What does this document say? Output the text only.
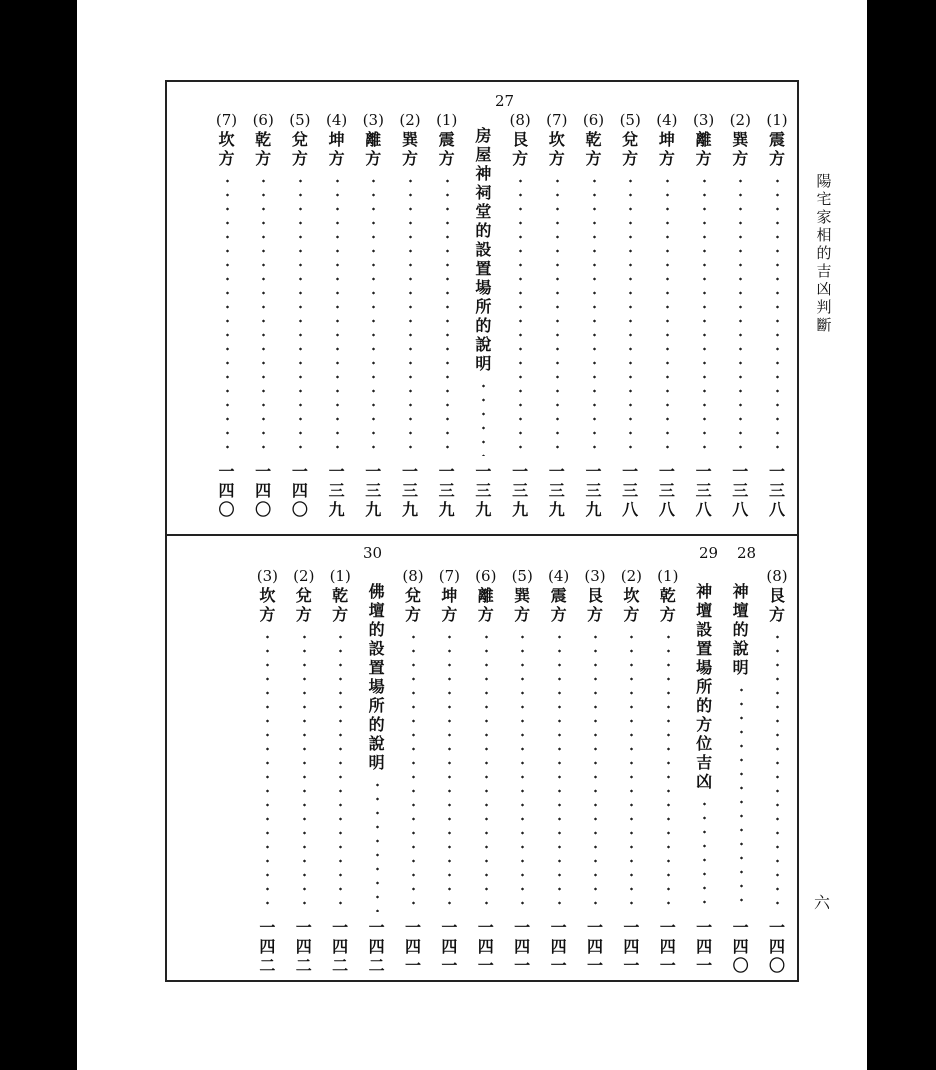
27
28
29
30
(1)
震
方
一
三
八
(2)
巽
方
一
三
八
(3)
離
方
一
三
八
(4)
坤
方
一
三
八
(5)
兌
方
一
三
八
(6)
乾
方
一
三
九
(7)
坎
方
一
三
九
(8)
艮
方
一
三
九
房
屋
神
祠
堂
的
設
置
場
所
的
說
明
一
三
九
(1)
震
方
一
三
九
(2)
巽
方
一
三
九
(3)
離
方
一
三
九
(4)
坤
方
一
三
九
(5)
兌
方
一
四
〇
(6)
乾
方
一
四
〇
(7)
坎
方
一
四
〇
(8)
艮
方
一
四
〇
神
壇
的
說
明
一
四
〇
神
壇
設
置
場
所
的
方
位
吉
凶
一
四
一
(1)
乾
方
一
四
一
(2)
坎
方
一
四
一
(3)
艮
方
一
四
一
(4)
震
方
一
四
一
(5)
巽
方
一
四
一
(6)
離
方
一
四
一
(7)
坤
方
一
四
一
(8)
兌
方
一
四
一
佛
壇
的
設
置
場
所
的
說
明
一
四
二
(1)
乾
方
一
四
二
(2)
兌
方
一
四
二
(3)
坎
方
一
四
二
陽
宅
家
相
的
吉
凶
判
斷
六
